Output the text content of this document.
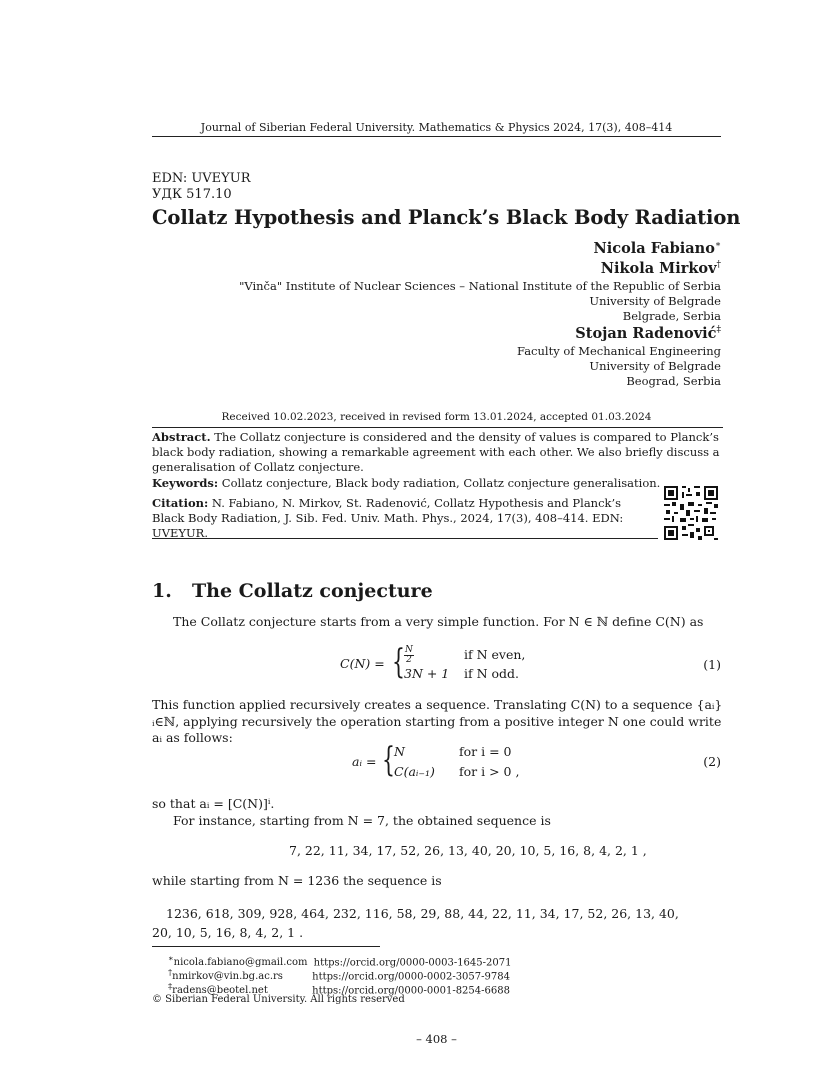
Journal of Siberian Federal University. Mathematics & Physics 2024, 17(3), 408–414
EDN: UVEYUR
УДК 517.10
Collatz Hypothesis and Planck’s Black Body Radiation
Nicola Fabiano∗
Nikola Mirkov†
"Vinča" Institute of Nuclear Sciences – National Institute of the Republic of Serbia
University of Belgrade
Belgrade, Serbia
Stojan Radenović‡
Faculty of Mechanical Engineering
University of Belgrade
Beograd, Serbia
Received 10.02.2023, received in revised form 13.01.2024, accepted 01.03.2024
Abstract. The Collatz conjecture is considered and the density of values is compared to Planck’s black body radiation, showing a remarkable agreement with each other. We also briefly discuss a generalisation of Collatz conjecture.
Keywords: Collatz conjecture, Black body radiation, Collatz conjecture generalisation.
Citation: N. Fabiano, N. Mirkov, St. Radenović, Collatz Hypothesis and Planck’s Black Body Radiation, J. Sib. Fed. Univ. Math. Phys., 2024, 17(3), 408–414. EDN: UVEYUR.
1. The Collatz conjecture
The Collatz conjecture starts from a very simple function. For N ∈ ℕ define C(N) as
C(N) = { $\frac{N}{2}$	if N even,
3N + 1 if N odd.
(1)
This function applied recursively creates a sequence. Translating C(N) to a sequence {aᵢ}ᵢ∈ℕ, applying recursively the operation starting from a positive integer N one could write aᵢ as follows:
aᵢ = { N	for i = 0
C(aᵢ₋₁) for i > 0 ,
(2)
so that aᵢ = [C(N)]ⁱ.
For instance, starting from N = 7, the obtained sequence is
7, 22, 11, 34, 17, 52, 26, 13, 40, 20, 10, 5, 16, 8, 4, 2, 1 ,
while starting from N = 1236 the sequence is
1236, 618, 309, 928, 464, 232, 116, 58, 29, 88, 44, 22, 11, 34, 17, 52, 26, 13, 40,
20, 10, 5, 16, 8, 4, 2, 1 .
∗nicola.fabiano@gmail.com https://orcid.org/0000-0003-1645-2071
†nmirkov@vin.bg.ac.rs	https://orcid.org/0000-0002-3057-9784
‡radens@beotel.net	https://orcid.org/0000-0001-8254-6688
© Siberian Federal University. All rights reserved
– 408 –
